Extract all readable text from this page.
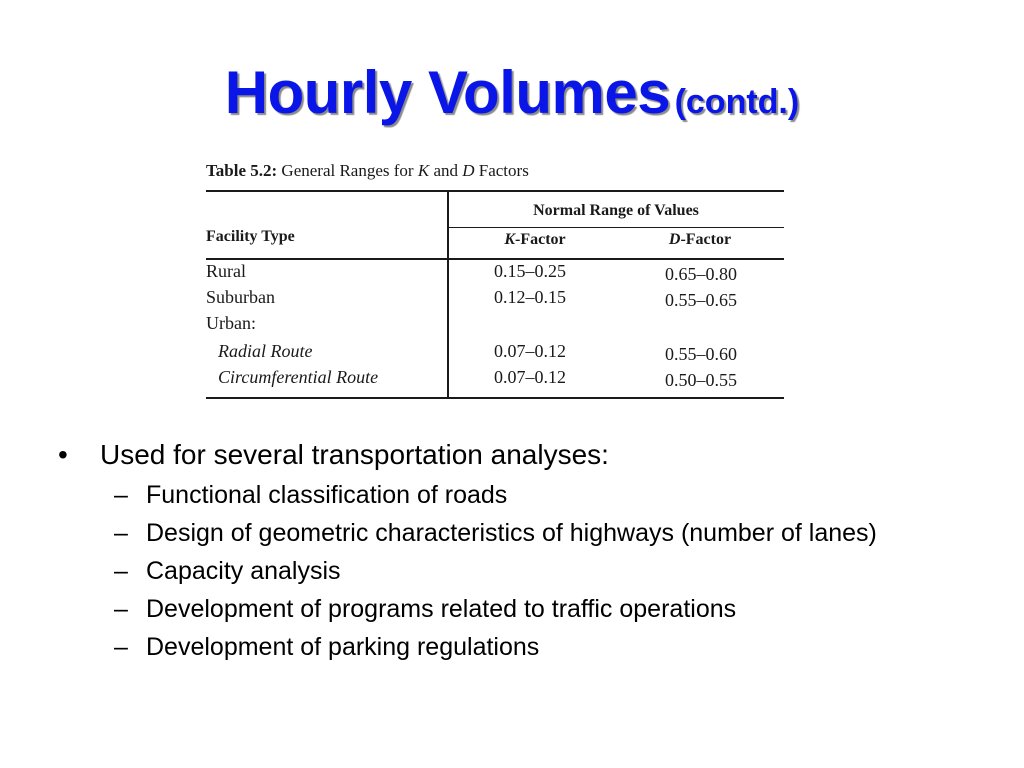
Hourly Volumes (contd.)
Table 5.2: General Ranges for K and D Factors
Normal Range of Values
Facility Type	K-Factor	D-Factor
Rural	0.15–0.25	0.65–0.80
Suburban	0.12–0.15	0.55–0.65
Urban:
Radial Route	0.07–0.12	0.55–0.60
Circumferential Route	0.07–0.12	0.50–0.55
• Used for several transportation analyses:
– Functional classification of roads
– Design of geometric characteristics of highways (number of lanes)
– Capacity analysis
– Development of programs related to traffic operations
– Development of parking regulations
